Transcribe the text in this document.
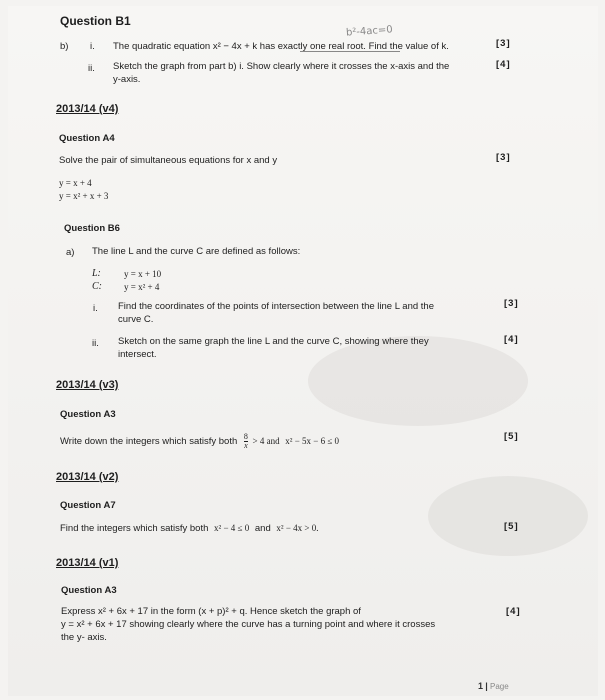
Question B1
b²-4ac=0
b) i. The quadratic equation x² − 4x + k has exactly one real root. Find the value of k.	[3]
ii. Sketch the graph from part b) i. Show clearly where it crosses the x-axis and the
y-axis.
[4]
2013/14 (v4)
Question A4
Solve the pair of simultaneous equations for x and y	[3]
y = x + 4
y = x² + x + 3
Question B6
a) The line L and the curve C are defined as follows:
L:	y = x + 10
C: y = x² + 4
i. Find the coordinates of the points of intersection between the line L and the
curve C.
[3]
ii. Sketch on the same graph the line L and the curve C, showing where they
intersect.
[4]
2013/14 (v3)
Question A3
Write down the integers which satisfy both $\frac{8}{x} > 4$ and x² − 5x − 6 ≤ 0	[5]
2013/14 (v2)
Question A7
Find the integers which satisfy both x² − 4 ≤ 0 and x² − 4x > 0.	[5]
2013/14 (v1)
Question A3
Express x² + 6x + 17 in the form (x + p)² + q. Hence sketch the graph of
y = x² + 6x + 17 showing clearly where the curve has a turning point and where it crosses
the y- axis.
[4]
1 | Page
